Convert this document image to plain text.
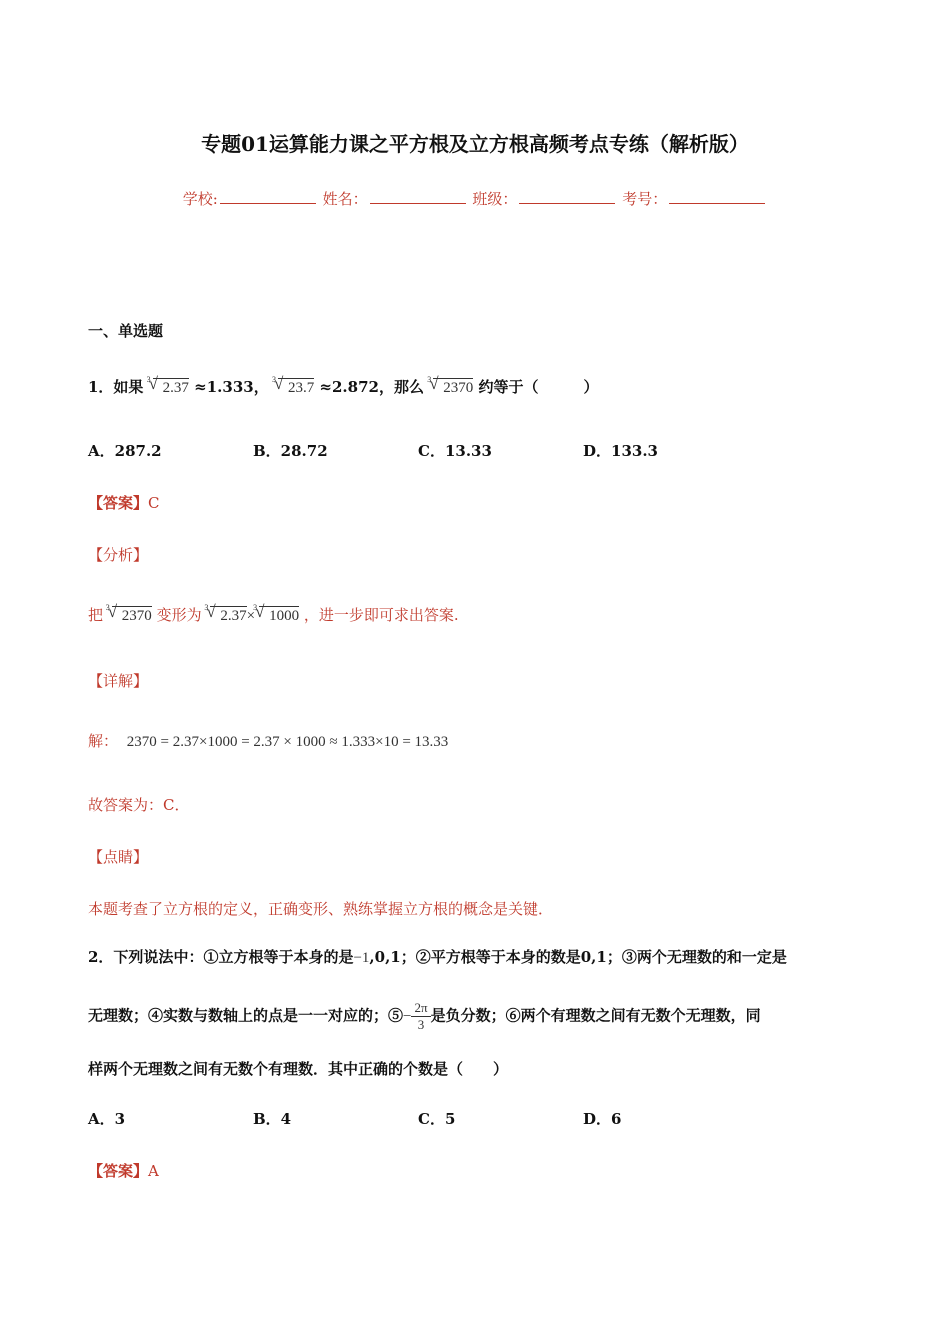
专题01运算能力课之平方根及立方根高频考点专练（解析版）
学校:	姓名：	班级：	考号：
一、单选题
1．如果 √ 3
2.37 ≈1.333， √ 3
23.7 ≈2.872，那么 √ 3
2370 约等于（　　　）
A．287.2	B．28.72	C．13.33	D．133.3
【答案】C
【分析】
把 √ 3
2370 变形为 √ 3
2.37×
√ 3
1000 ，进一步即可求出答案.
【详解】
解： 2370 = 2.37×1000 = 2.37 × 1000 ≈ 1.333×10 = 13.33
故答案为：C．
【点睛】
本题考查了立方根的定义，正确变形、熟练掌握立方根的概念是关键．
2．下列说法中：①立方根等于本身的是−1,0,1；②平方根等于本身的数是0,1；③两个无理数的和一定是
无理数；④实数与数轴上的点是一一对应的；⑤− $\frac{2\pi}{3}$ 是负分数；⑥两个有理数之间有无数个无理数，同
样两个无理数之间有无数个有理数．其中正确的个数是（　　）
A．3	B．4	C．5	D．6
【答案】A
